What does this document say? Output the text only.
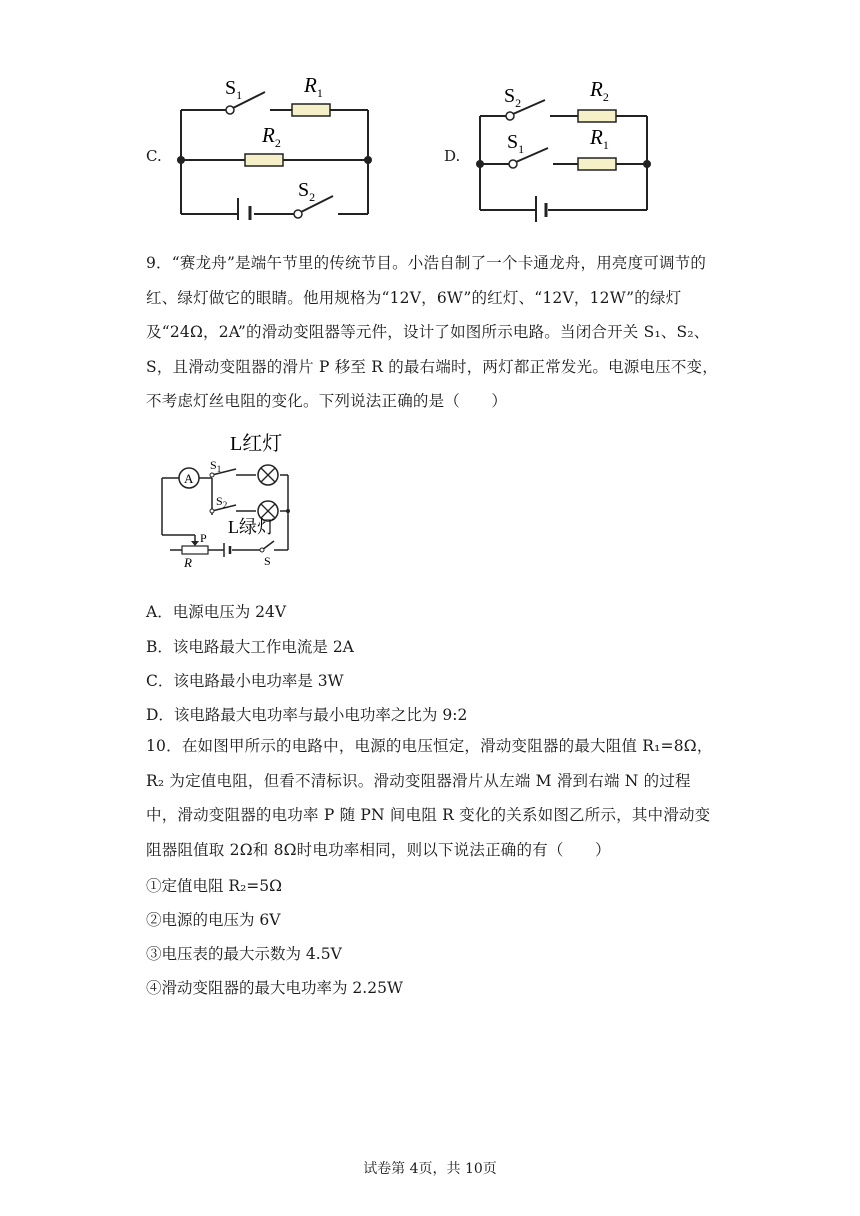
C.
$S_1$	$R_1$
$R_2$
$S_2$
D.
$S_2$
$R_2$
$S_1$	$R_1$
9．“赛龙舟”是端午节里的传统节目。小浩自制了一个卡通龙舟，用亮度可调节的红、绿灯做它的眼睛。他用规格为“12V，6W”的红灯、“12V，12W”的绿灯及“24Ω，2A”的滑动变阻器等元件，设计了如图所示电路。当闭合开关 S₁、S₂、S，且滑动变阻器的滑片 P 移至 R 的最右端时，两灯都正常发光。电源电压不变，不考虑灯丝电阻的变化。下列说法正确的是（　　）
A
L红灯
L绿灯
$S_1$
$S_2$
S
P
R
A．电源电压为 24V
B．该电路最大工作电流是 2A
C．该电路最小电功率是 3W
D．该电路最大电功率与最小电功率之比为 9:2
10．在如图甲所示的电路中，电源的电压恒定，滑动变阻器的最大阻值 R₁=8Ω，R₂ 为定值电阻，但看不清标识。滑动变阻器滑片从左端 M 滑到右端 N 的过程中，滑动变阻器的电功率 P 随 PN 间电阻 R 变化的关系如图乙所示，其中滑动变阻器阻值取 2Ω和 8Ω时电功率相同，则以下说法正确的有（　　）
①定值电阻 R₂=5Ω
②电源的电压为 6V
③电压表的最大示数为 4.5V
④滑动变阻器的最大电功率为 2.25W
试卷第 4页，共 10页
